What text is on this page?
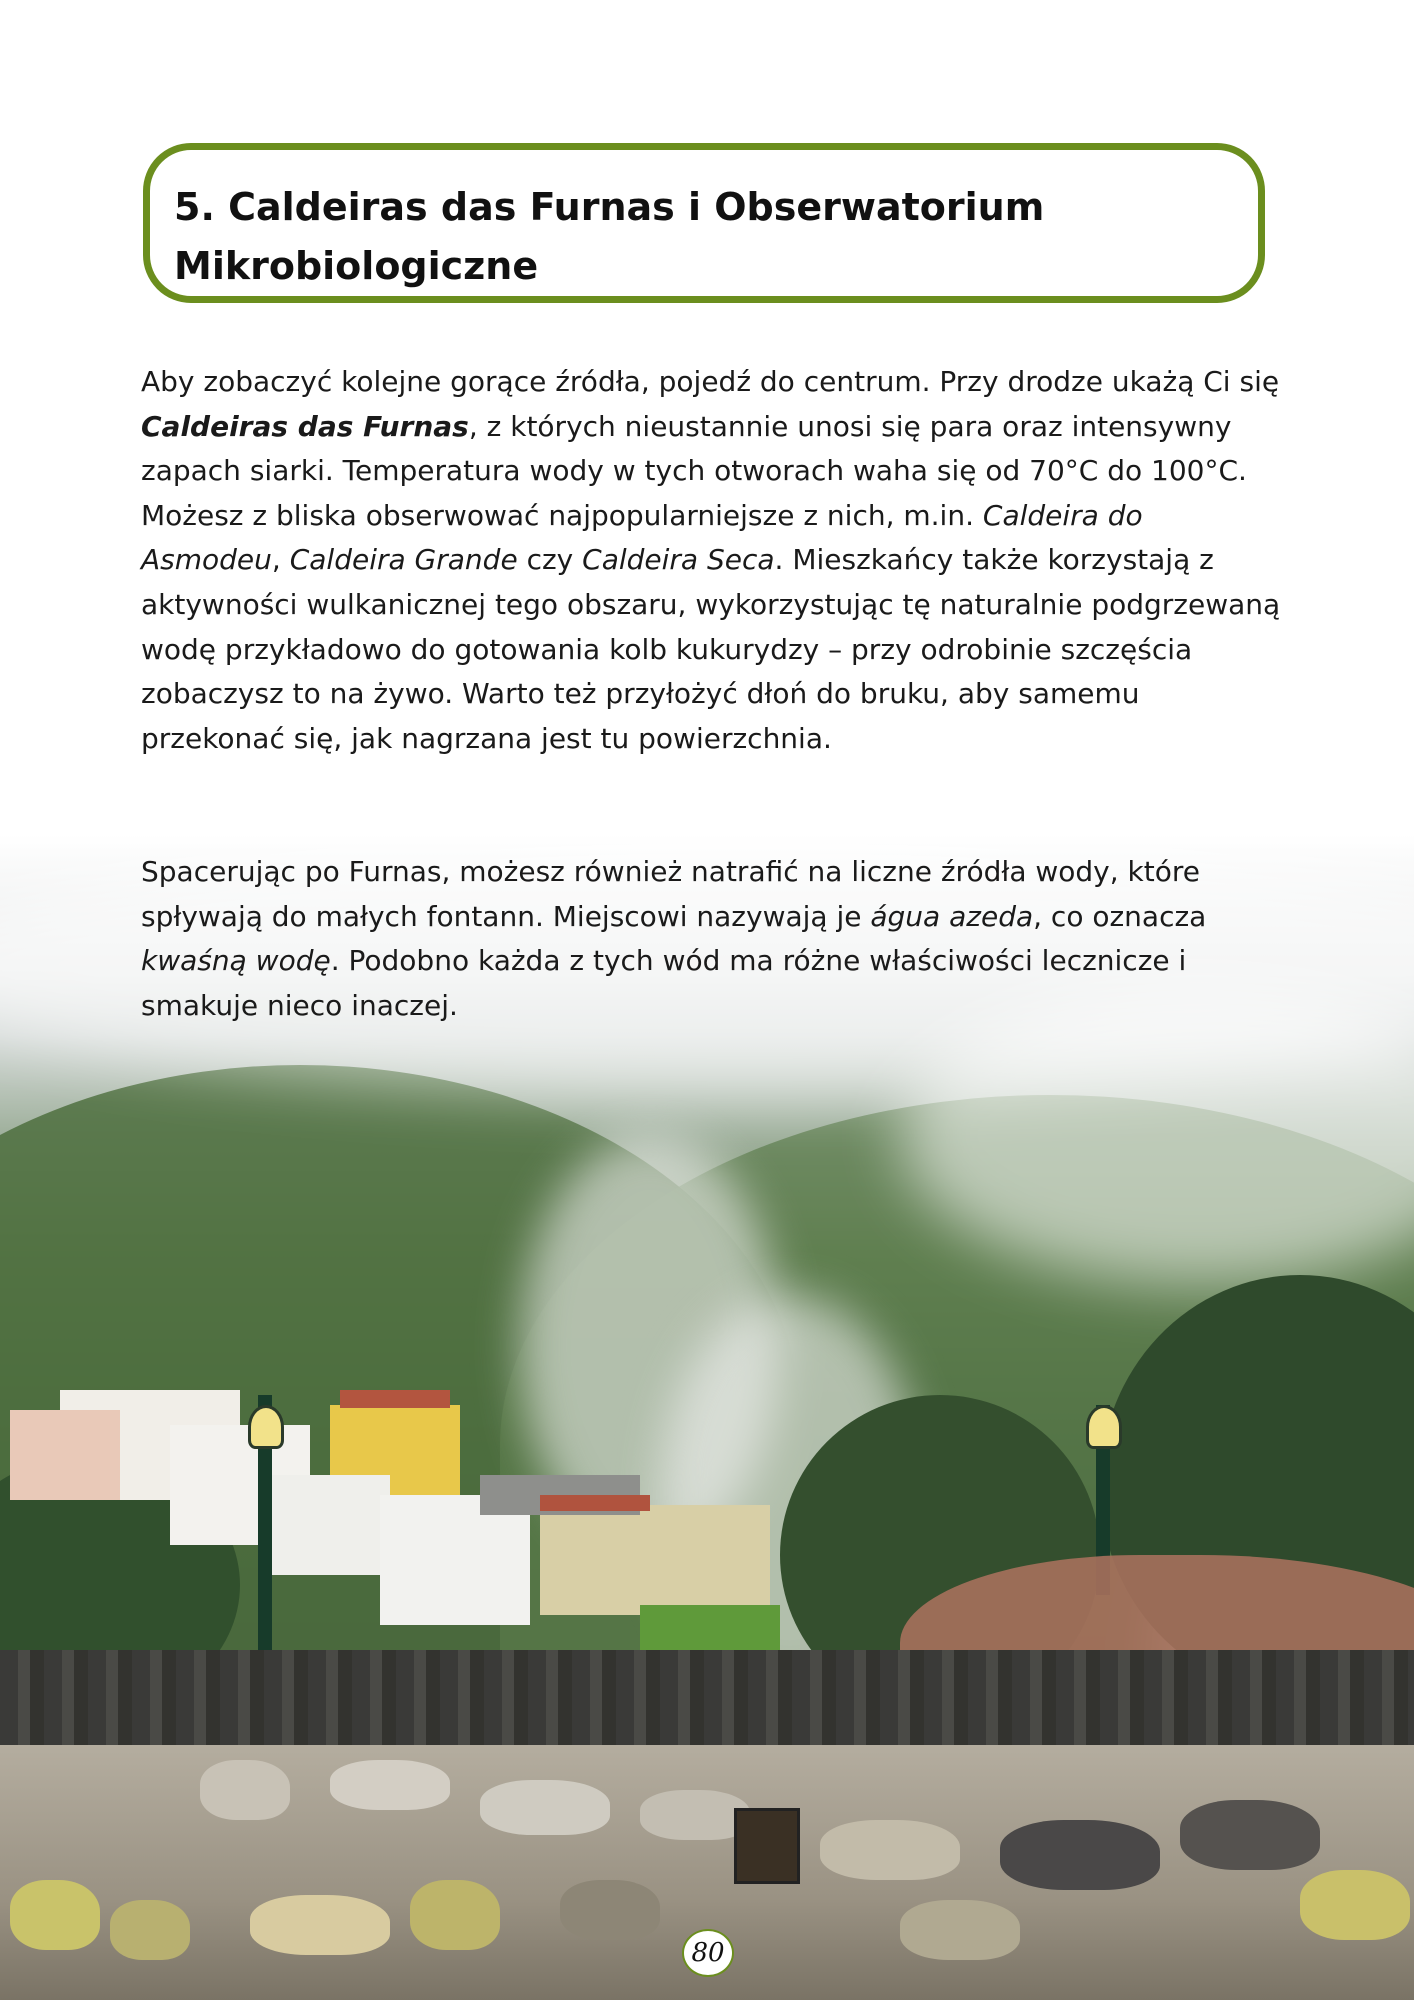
5. Caldeiras das Furnas i Obserwatorium Mikrobiologiczne

Aby zobaczyć kolejne gorące źródła, pojedź do centrum. Przy drodze ukażą Ci się Caldeiras das Furnas, z których nieustannie unosi się para oraz intensywny zapach siarki. Temperatura wody w tych otworach waha się od 70°C do 100°C. Możesz z bliska obserwować najpopularniejsze z nich, m.in. Caldeira do Asmodeu, Caldeira Grande czy Caldeira Seca. Mieszkańcy także korzystają z aktywności wulkanicznej tego obszaru, wykorzystując tę naturalnie podgrzewaną wodę przykładowo do gotowania kolb kukurydzy – przy odrobinie szczęścia zobaczysz to na żywo. Warto też przyłożyć dłoń do bruku, aby samemu przekonać się, jak nagrzana jest tu powierzchnia.

Spacerując po Furnas, możesz również natrafić na liczne źródła wody, które spływają do małych fontann. Miejscowi nazywają je água azeda, co oznacza kwaśną wodę. Podobno każda z tych wód ma różne właściwości lecznicze i smakuje nieco inaczej.

80
